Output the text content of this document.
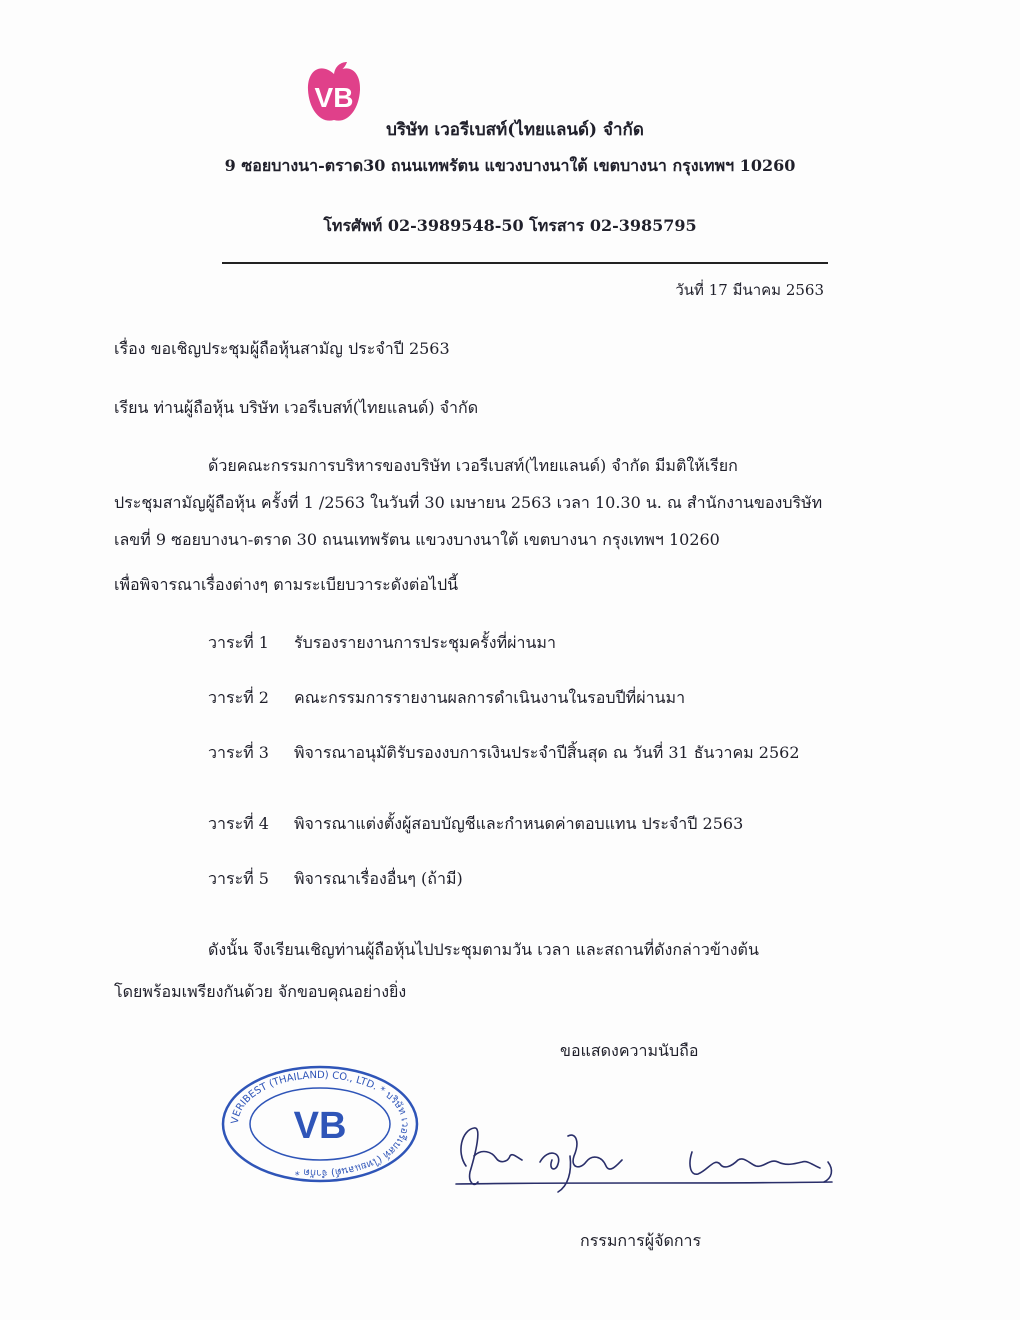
VB
บริษัท เวอรีเบสท์(ไทยแลนด์) จำกัด
9 ซอยบางนา-ตราด30 ถนนเทพรัตน แขวงบางนาใต้ เขตบางนา กรุงเทพฯ 10260
โทรศัพท์ 02-3989548-50 โทรสาร 02-3985795
วันที่ 17 มีนาคม 2563
เรื่อง ขอเชิญประชุมผู้ถือหุ้นสามัญ ประจำปี 2563
เรียน ท่านผู้ถือหุ้น บริษัท เวอรีเบสท์(ไทยแลนด์) จำกัด
ด้วยคณะกรรมการบริหารของบริษัท เวอรีเบสท์(ไทยแลนด์) จำกัด มีมติให้เรียก
ประชุมสามัญผู้ถือหุ้น ครั้งที่ 1 /2563 ในวันที่ 30 เมษายน 2563 เวลา 10.30 น. ณ สำนักงานของบริษัท
เลขที่ 9 ซอยบางนา-ตราด 30 ถนนเทพรัตน แขวงบางนาใต้ เขตบางนา กรุงเทพฯ 10260
เพื่อพิจารณาเรื่องต่างๆ ตามระเบียบวาระดังต่อไปนี้
วาระที่ 1 รับรองรายงานการประชุมครั้งที่ผ่านมา
วาระที่ 2 คณะกรรมการรายงานผลการดำเนินงานในรอบปีที่ผ่านมา
วาระที่ 3 พิจารณาอนุมัติรับรองงบการเงินประจำปีสิ้นสุด ณ วันที่ 31 ธันวาคม 2562
วาระที่ 4 พิจารณาแต่งตั้งผู้สอบบัญชีและกำหนดค่าตอบแทน ประจำปี 2563
วาระที่ 5 พิจารณาเรื่องอื่นๆ (ถ้ามี)
ดังนั้น จึงเรียนเชิญท่านผู้ถือหุ้นไปประชุมตามวัน เวลา และสถานที่ดังกล่าวข้างต้น
โดยพร้อมเพรียงกันด้วย จักขอบคุณอย่างยิ่ง
ขอแสดงความนับถือ
VERIBEST (THAILAND) CO., LTD. * บริษัท เวอรีเบสท์ (ไทยแลนด์) จำกัด *
VB
กรรมการผู้จัดการ
